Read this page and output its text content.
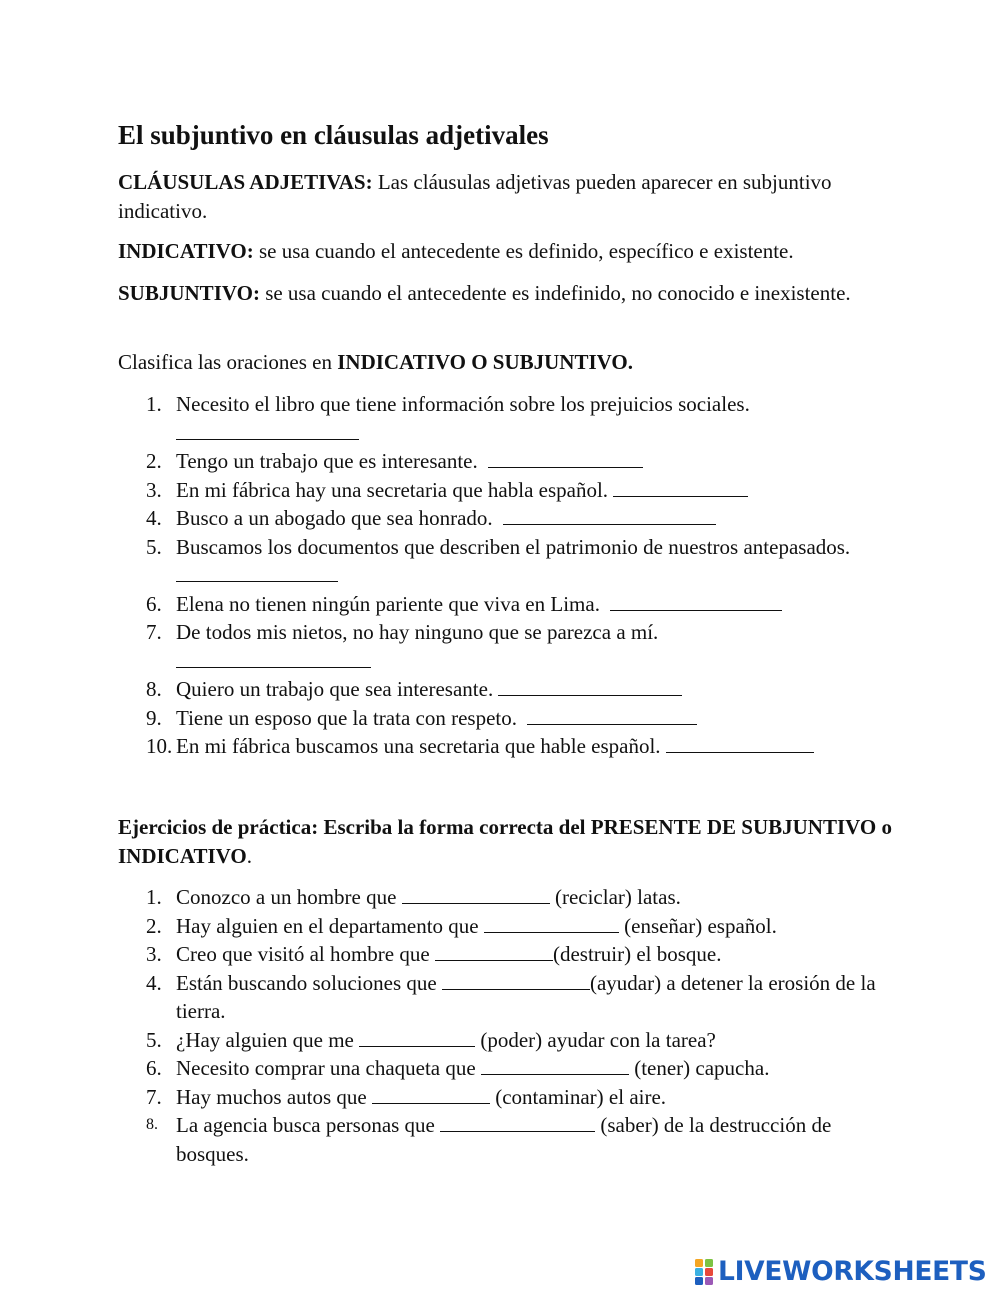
El subjuntivo en cláusulas adjetivales

CLÁUSULAS ADJETIVAS: Las cláusulas adjetivas pueden aparecer en subjuntivo indicativo.

INDICATIVO: se usa cuando el antecedente es definido, específico e existente.

SUBJUNTIVO: se usa cuando el antecedente es indefinido, no conocido e inexistente.

Clasifica las oraciones en INDICATIVO O SUBJUNTIVO.

1. Necesito el libro que tiene información sobre los prejuicios sociales.

2. Tengo un trabajo que es interesante.
3. En mi fábrica hay una secretaria que habla español.
4. Busco a un abogado que sea honrado.
5. Buscamos los documentos que describen el patrimonio de nuestros antepasados.
6. Elena no tienen ningún pariente que viva en Lima.
7. De todos mis nietos, no hay ninguno que se parezca a mí.

8. Quiero un trabajo que sea interesante.
9. Tiene un esposo que la trata con respeto.
10. En mi fábrica buscamos una secretaria que hable español.

Ejercicios de práctica: Escriba la forma correcta del PRESENTE DE SUBJUNTIVO o INDICATIVO.

1. Conozco a un hombre que	(reciclar) latas.
2. Hay alguien en el departamento que	(enseñar) español.
3. Creo que visitó al hombre que	(destruir) el bosque.
4. Están buscando soluciones que	(ayudar) a detener la erosión de la tierra.
5. ¿Hay alguien que me	(poder) ayudar con la tarea?
6. Necesito comprar una chaqueta que	(tener) capucha.
7. Hay muchos autos que	(contaminar) el aire.
8. La agencia busca personas que	(saber) de la destrucción de bosques.
LIVEWORKSHEETS
